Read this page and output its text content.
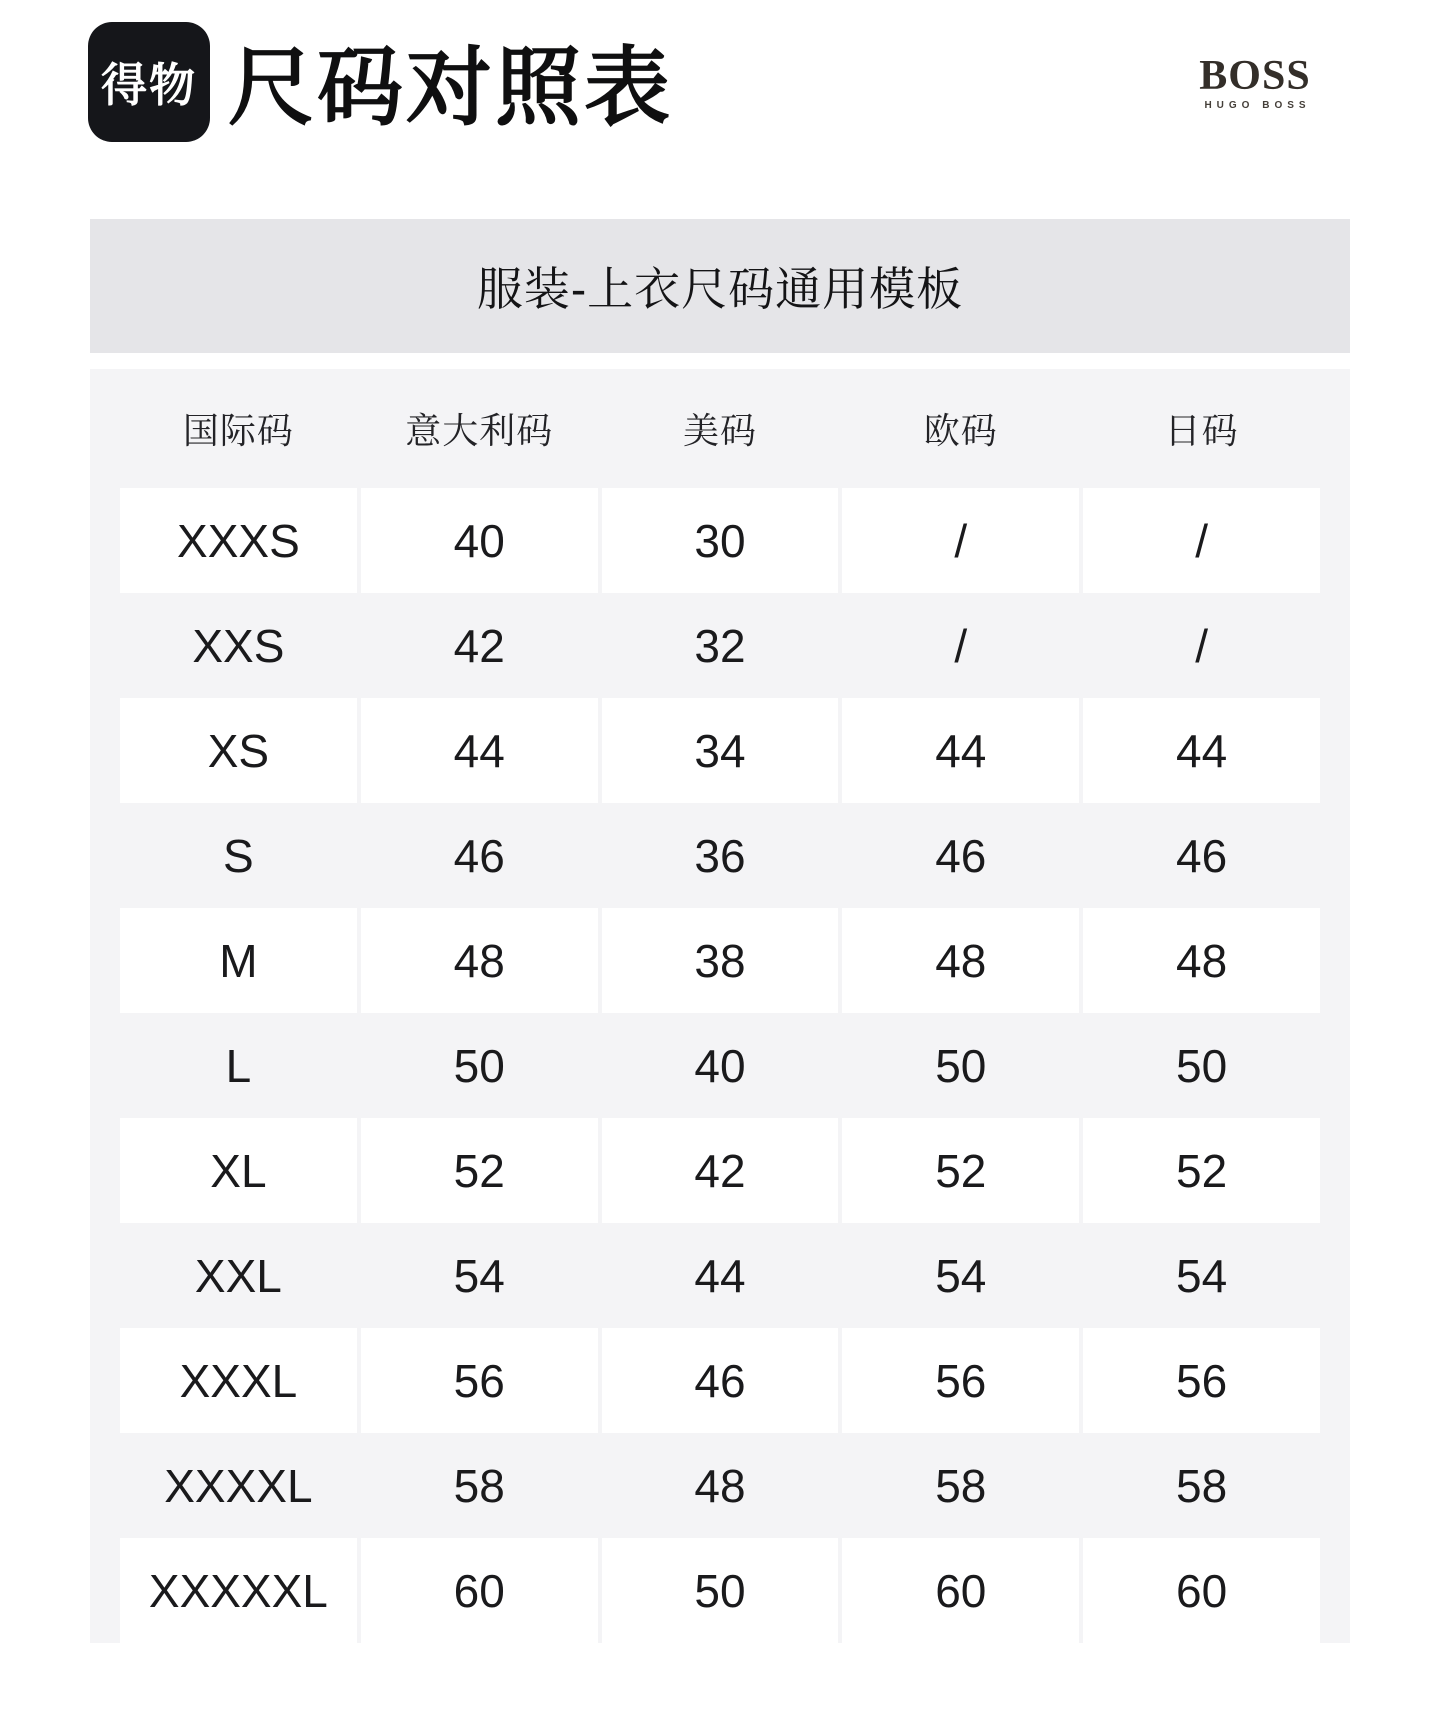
得物 尺码对照表	BOSS
HUGO BOSS
服装-上衣尺码通用模板
国际码	意大利码	美码	欧码	日码
XXXS	40	30	/	/
XXS	42	32	/	/
XS	44	34	44	44
S	46	36	46	46
M	48	38	48	48
L	50	40	50	50
XL	52	42	52	52
XXL	54	44	54	54
XXXL	56	46	56	56
XXXXL	58	48	58	58
XXXXXL	60	50	60	60
